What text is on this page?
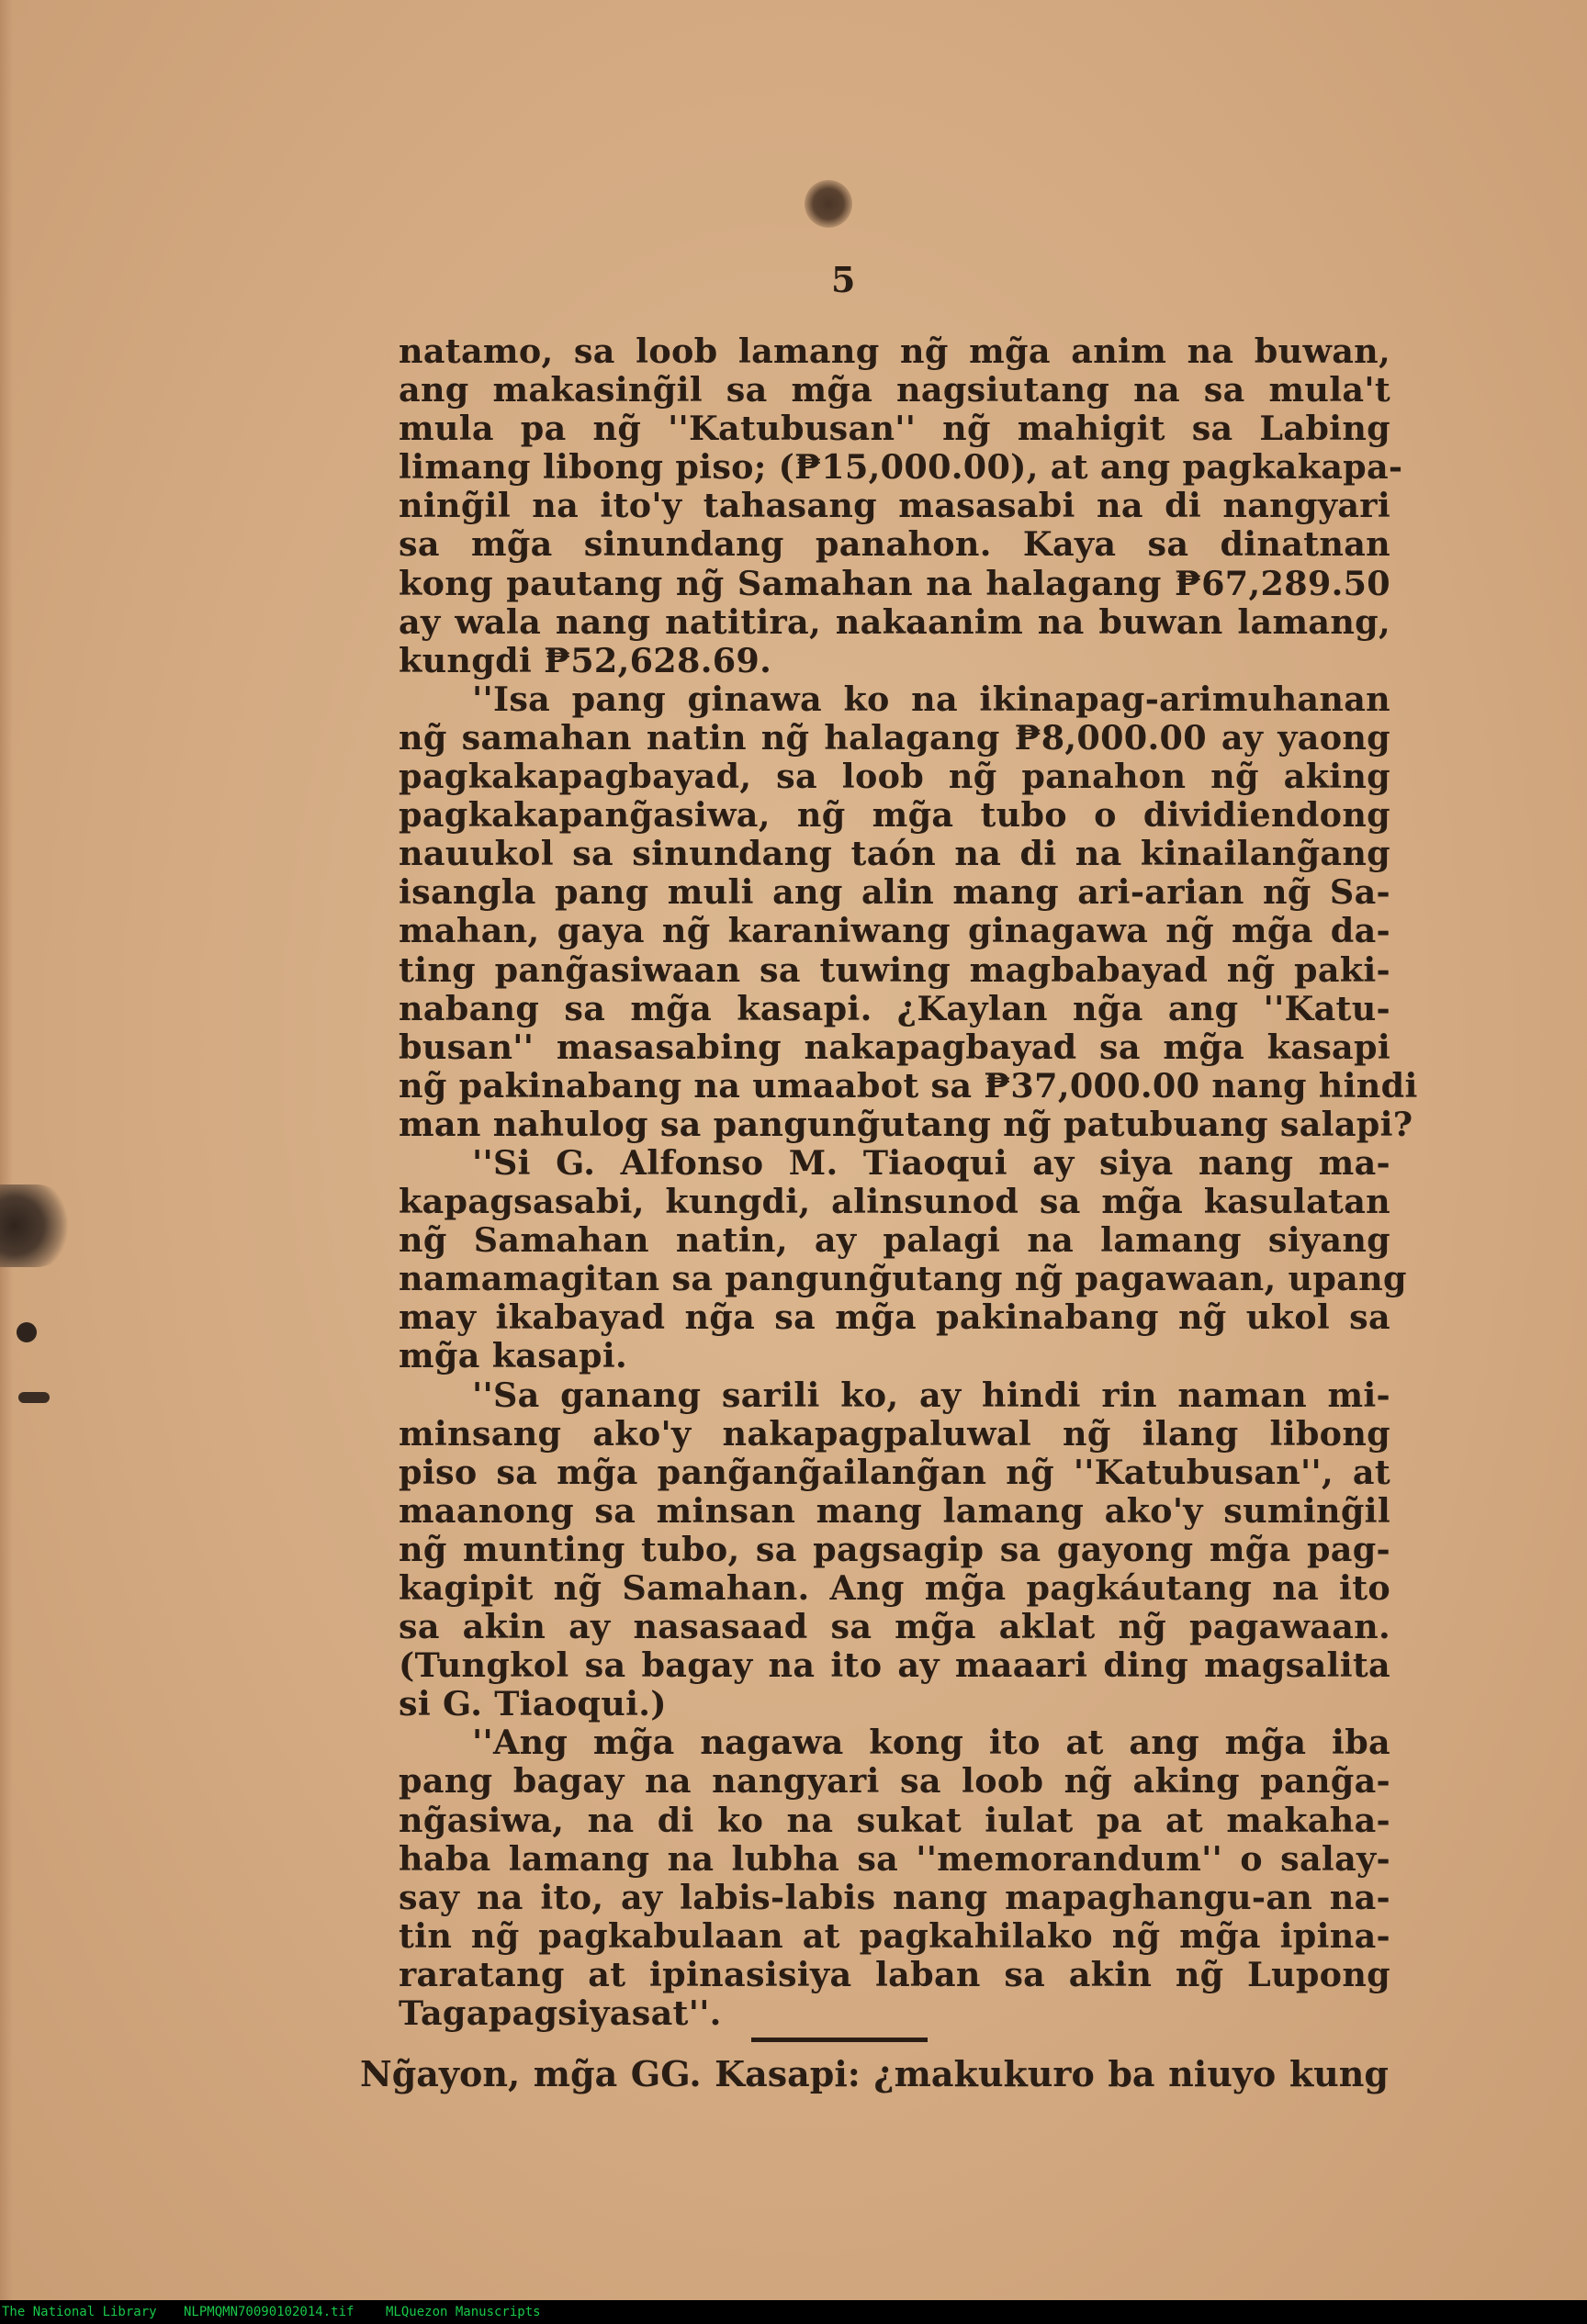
5
natamo, sa loob lamang ng̃ mg̃a anim na buwan,
ang makasing̃il sa mg̃a nagsiutang na sa mula't
mula pa ng̃ ''Katubusan'' ng̃ mahigit sa Labing
limang libong piso; (₱15,000.00), at ang pagkakapa-
ning̃il na ito'y tahasang masasabi na di nangyari
sa mg̃a sinundang panahon. Kaya sa dinatnan
kong pautang ng̃ Samahan na halagang ₱67,289.50
ay wala nang natitira, nakaanim na buwan lamang,
kungdi ₱52,628.69.
''Isa pang ginawa ko na ikinapag-arimuhanan
ng̃ samahan natin ng̃ halagang ₱8,000.00 ay yaong
pagkakapagbayad, sa loob ng̃ panahon ng̃ aking
pagkakapang̃asiwa, ng̃ mg̃a tubo o dividiendong
nauukol sa sinundang taón na di na kinailang̃ang
isangla pang muli ang alin mang ari-arian ng̃ Sa-
mahan, gaya ng̃ karaniwang ginagawa ng̃ mg̃a da-
ting pang̃asiwaan sa tuwing magbabayad ng̃ paki-
nabang sa mg̃a kasapi. ¿Kaylan ng̃a ang ''Katu-
busan'' masasabing nakapagbayad sa mg̃a kasapi
ng̃ pakinabang na umaabot sa ₱37,000.00 nang hindi
man nahulog sa pangung̃utang ng̃ patubuang salapi?
''Si G. Alfonso M. Tiaoqui ay siya nang ma-
kapagsasabi, kungdi, alinsunod sa mg̃a kasulatan
ng̃ Samahan natin, ay palagi na lamang siyang
namamagitan sa pangung̃utang ng̃ pagawaan, upang
may ikabayad ng̃a sa mg̃a pakinabang ng̃ ukol sa
mg̃a kasapi.
''Sa ganang sarili ko, ay hindi rin naman mi-
minsang ako'y nakapagpaluwal ng̃ ilang libong
piso sa mg̃a pang̃ang̃ailang̃an ng̃ ''Katubusan'', at
maanong sa minsan mang lamang ako'y suming̃il
ng̃ munting tubo, sa pagsagip sa gayong mg̃a pag-
kagipit ng̃ Samahan. Ang mg̃a pagkáutang na ito
sa akin ay nasasaad sa mg̃a aklat ng̃ pagawaan.
(Tungkol sa bagay na ito ay maaari ding magsalita
si G. Tiaoqui.)
''Ang mg̃a nagawa kong ito at ang mg̃a iba
pang bagay na nangyari sa loob ng̃ aking pang̃a-
ng̃asiwa, na di ko na sukat iulat pa at makaha-
haba lamang na lubha sa ''memorandum'' o salay-
say na ito, ay labis-labis nang mapaghangu-an na-
tin ng̃ pagkabulaan at pagkahilako ng̃ mg̃a ipina-
raratang at ipinasisiya laban sa akin ng̃ Lupong
Tagapagsiyasat''.
Ng̃ayon, mg̃a GG. Kasapi: ¿makukuro ba niuyo kung
The National Library NLPMQMN70090102014.tif MLQuezon Manuscripts
